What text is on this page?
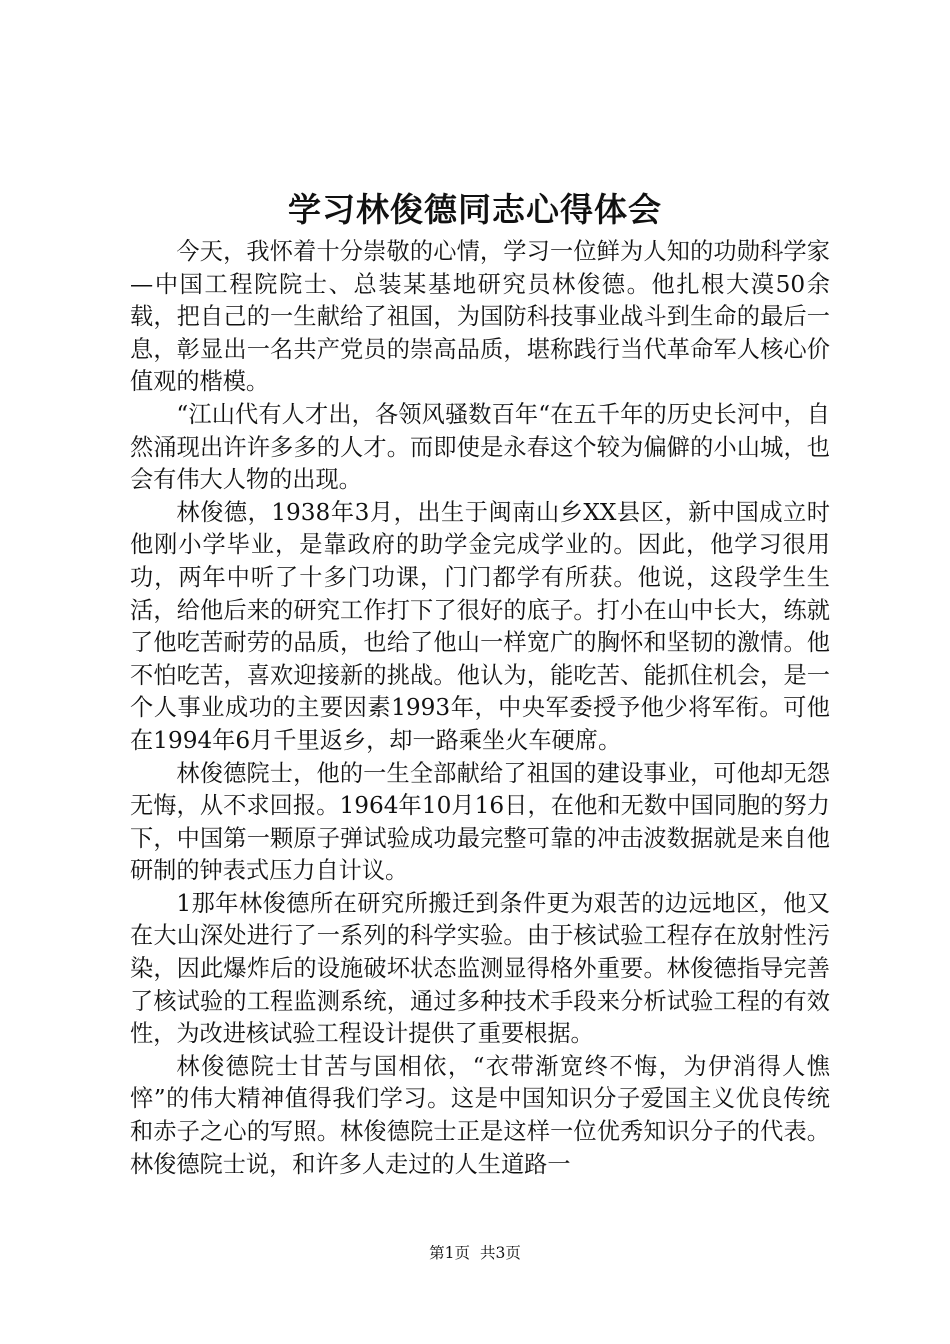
学习林俊德同志心得体会

今天，我怀着十分崇敬的心情，学习一位鲜为人知的功勋科学家—中国工程院院士、总装某基地研究员林俊德。他扎根大漠50余载，把自己的一生献给了祖国，为国防科技事业战斗到生命的最后一息，彰显出一名共产党员的崇高品质，堪称践行当代革命军人核心价值观的楷模。

“江山代有人才出，各领风骚数百年“在五千年的历史长河中，自然涌现出许许多多的人才。而即使是永春这个较为偏僻的小山城，也会有伟大人物的出现。

林俊德，1938年3月，出生于闽南山乡XX县区，新中国成立时他刚小学毕业，是靠政府的助学金完成学业的。因此，他学习很用功，两年中听了十多门功课，门门都学有所获。他说，这段学生生活，给他后来的研究工作打下了很好的底子。打小在山中长大，练就了他吃苦耐劳的品质，也给了他山一样宽广的胸怀和坚韧的激情。他不怕吃苦，喜欢迎接新的挑战。他认为，能吃苦、能抓住机会，是一个人事业成功的主要因素1993年，中央军委授予他少将军衔。可他在1994年6月千里返乡，却一路乘坐火车硬席。

林俊德院士，他的一生全部献给了祖国的建设事业，可他却无怨无悔，从不求回报。1964年10月16日，在他和无数中国同胞的努力下，中国第一颗原子弹试验成功最完整可靠的冲击波数据就是来自他研制的钟表式压力自计议。

1那年林俊德所在研究所搬迁到条件更为艰苦的边远地区，他又在大山深处进行了一系列的科学实验。由于核试验工程存在放射性污染，因此爆炸后的设施破坏状态监测显得格外重要。林俊德指导完善了核试验的工程监测系统，通过多种技术手段来分析试验工程的有效性，为改进核试验工程设计提供了重要根据。

林俊德院士甘苦与国相依，“衣带渐宽终不悔，为伊消得人憔悴”的伟大精神值得我们学习。这是中国知识分子爱国主义优良传统和赤子之心的写照。林俊德院士正是这样一位优秀知识分子的代表。林俊德院士说，和许多人走过的人生道路一

第1页 共3页
